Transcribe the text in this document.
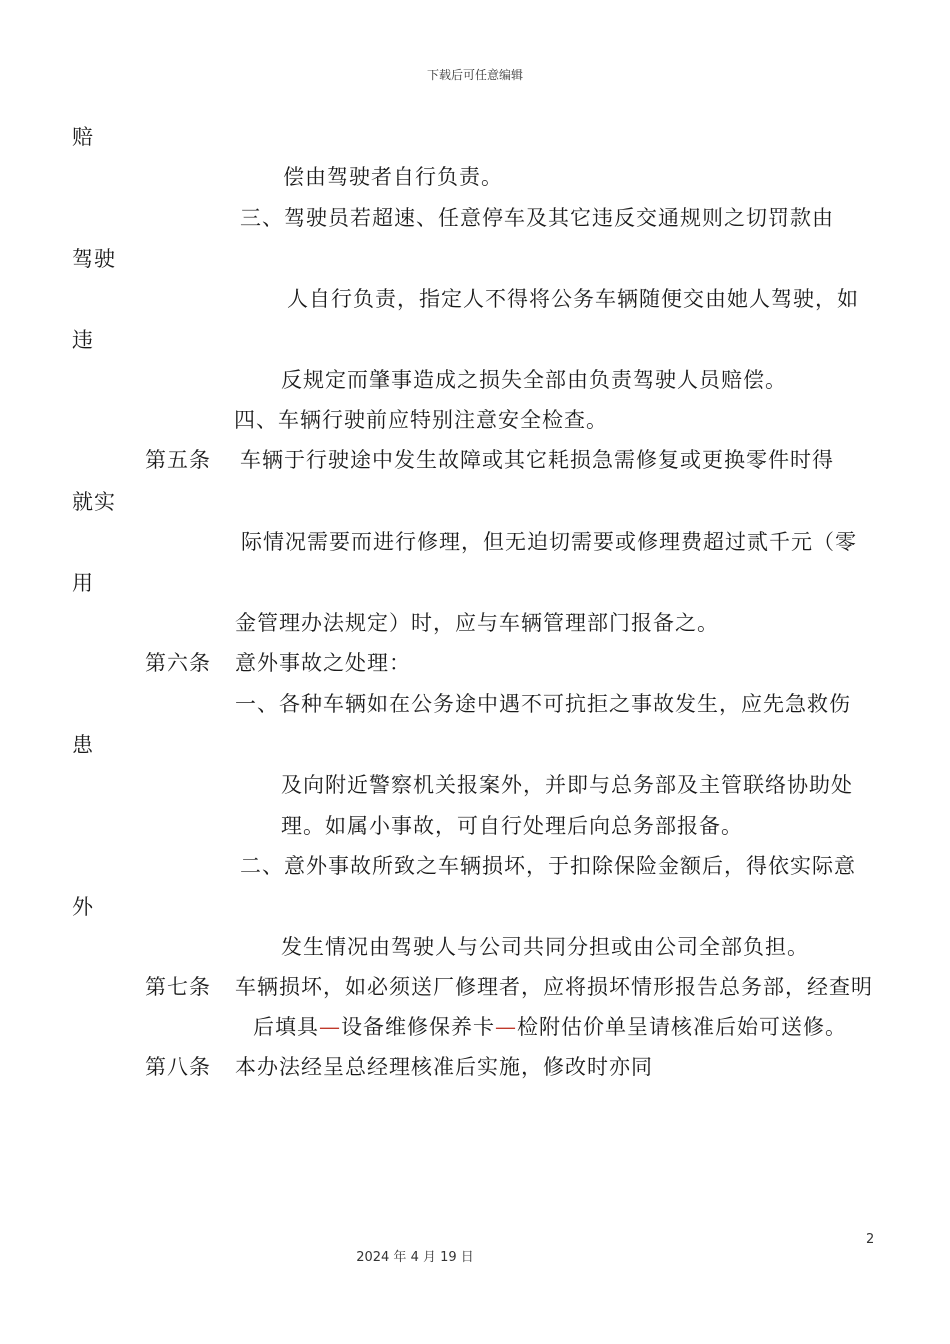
下载后可任意编辑
赔
偿由驾驶者自行负责。
三、驾驶员若超速、任意停车及其它违反交通规则之切罚款由
驾驶
人自行负责，指定人不得将公务车辆随便交由她人驾驶，如
违
反规定而肇事造成之损失全部由负责驾驶人员赔偿。
四、车辆行驶前应特别注意安全检查。
第五条 车辆于行驶途中发生故障或其它耗损急需修复或更换零件时得
就实
际情况需要而进行修理，但无迫切需要或修理费超过贰千元（零
用
金管理办法规定）时，应与车辆管理部门报备之。
第六条 意外事故之处理：
一、各种车辆如在公务途中遇不可抗拒之事故发生，应先急救伤
患
及向附近警察机关报案外，并即与总务部及主管联络协助处
理。如属小事故，可自行处理后向总务部报备。
二、意外事故所致之车辆损坏，于扣除保险金额后，得依实际意
外
发生情况由驾驶人与公司共同分担或由公司全部负担。
第七条 车辆损坏，如必须送厂修理者，应将损坏情形报告总务部，经查明
后填具—设备维修保养卡—检附估价单呈请核准后始可送修。
第八条 本办法经呈总经理核准后实施，修改时亦同
2
2024 年 4 月 19 日
